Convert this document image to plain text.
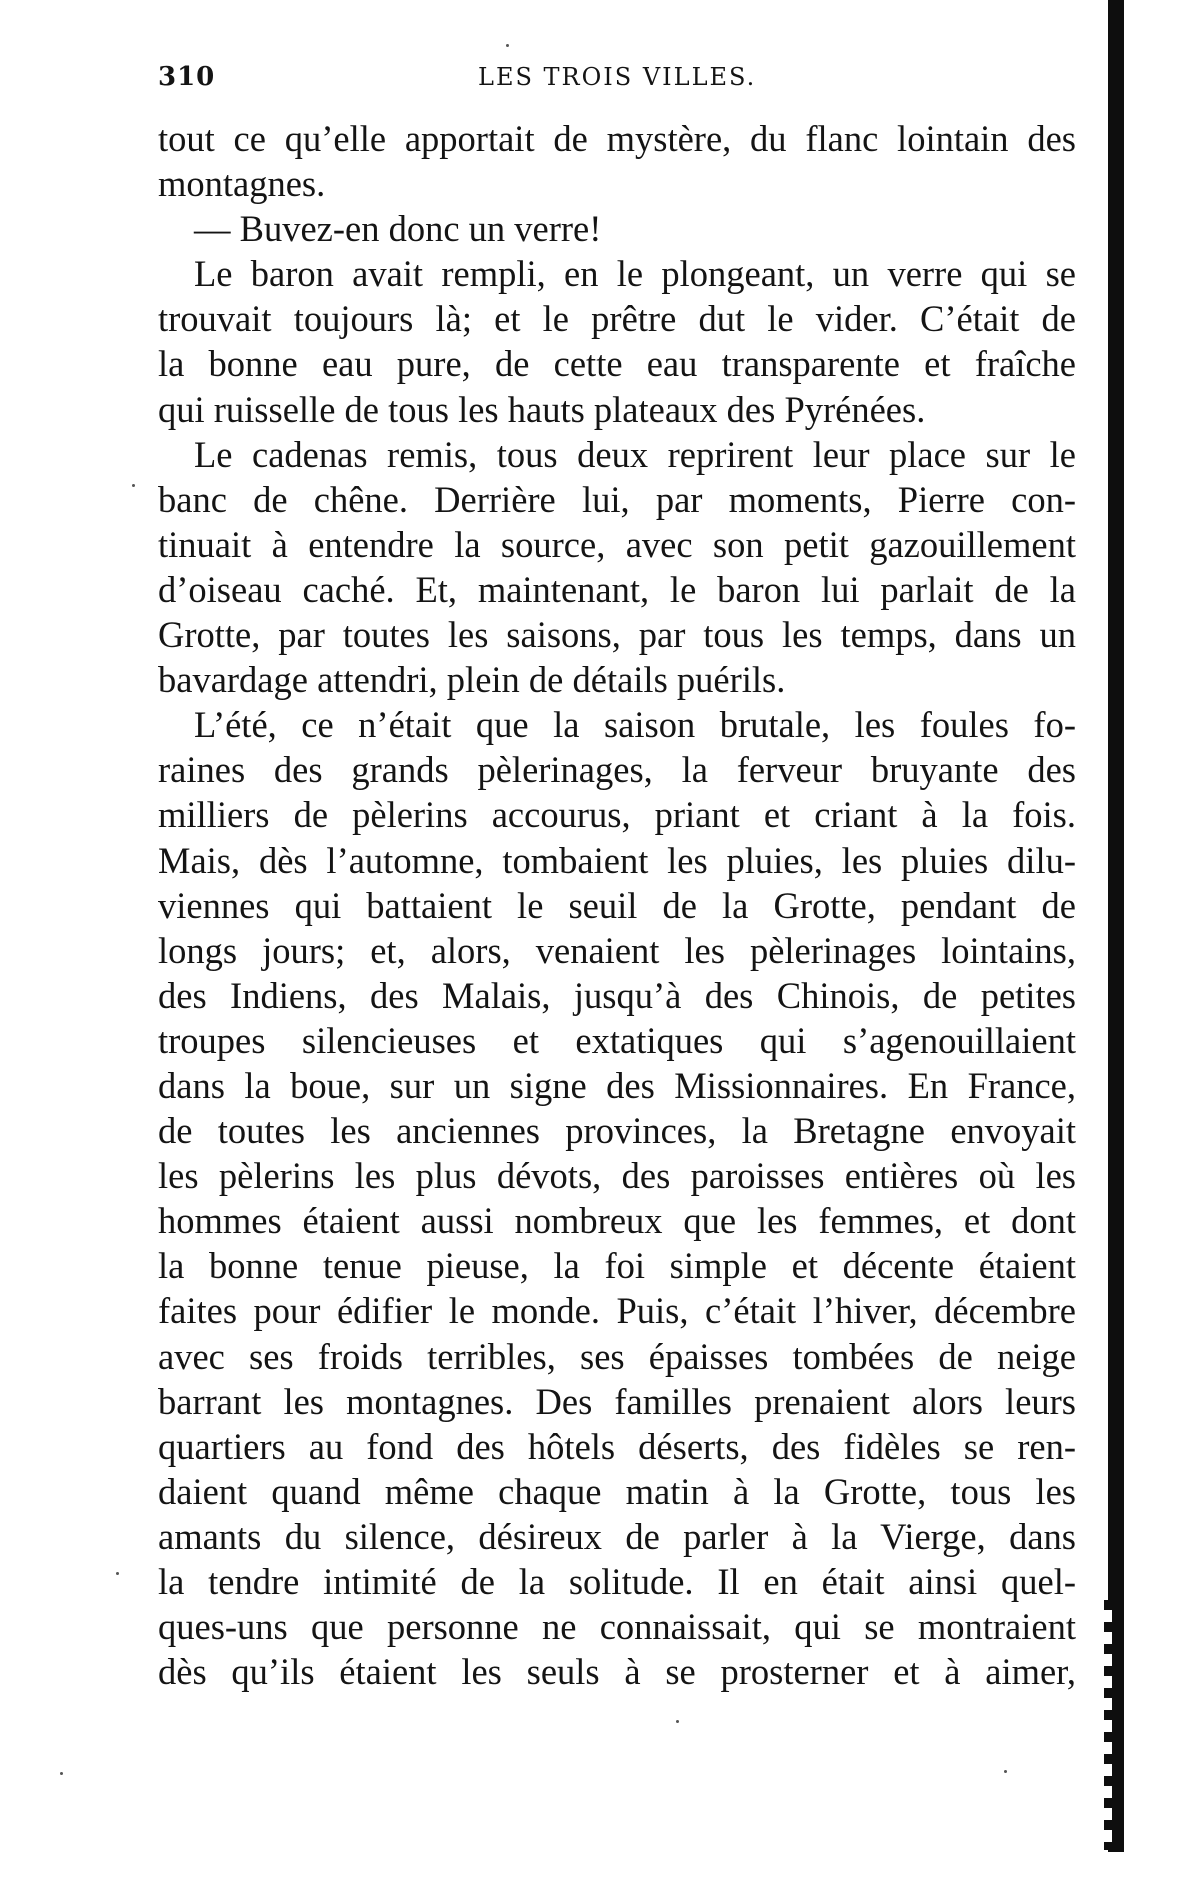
310	LES TROIS VILLES.
tout ce qu’elle apportait de mystère, du flanc lointain des
montagnes.
— Buvez-en donc un verre!
Le baron avait rempli, en le plongeant, un verre qui se
trouvait toujours là; et le prêtre dut le vider. C’était de
la bonne eau pure, de cette eau transparente et fraîche
qui ruisselle de tous les hauts plateaux des Pyrénées.
Le cadenas remis, tous deux reprirent leur place sur le
banc de chêne. Derrière lui, par moments, Pierre con-
tinuait à entendre la source, avec son petit gazouillement
d’oiseau caché. Et, maintenant, le baron lui parlait de la
Grotte, par toutes les saisons, par tous les temps, dans un
bavardage attendri, plein de détails puérils.
L’été, ce n’était que la saison brutale, les foules fo-
raines des grands pèlerinages, la ferveur bruyante des
milliers de pèlerins accourus, priant et criant à la fois.
Mais, dès l’automne, tombaient les pluies, les pluies dilu-
viennes qui battaient le seuil de la Grotte, pendant de
longs jours; et, alors, venaient les pèlerinages lointains,
des Indiens, des Malais, jusqu’à des Chinois, de petites
troupes silencieuses et extatiques qui s’agenouillaient
dans la boue, sur un signe des Missionnaires. En France,
de toutes les anciennes provinces, la Bretagne envoyait
les pèlerins les plus dévots, des paroisses entières où les
hommes étaient aussi nombreux que les femmes, et dont
la bonne tenue pieuse, la foi simple et décente étaient
faites pour édifier le monde. Puis, c’était l’hiver, décembre
avec ses froids terribles, ses épaisses tombées de neige
barrant les montagnes. Des familles prenaient alors leurs
quartiers au fond des hôtels déserts, des fidèles se ren-
daient quand même chaque matin à la Grotte, tous les
amants du silence, désireux de parler à la Vierge, dans
la tendre intimité de la solitude. Il en était ainsi quel-
ques-uns que personne ne connaissait, qui se montraient
dès qu’ils étaient les seuls à se prosterner et à aimer,
